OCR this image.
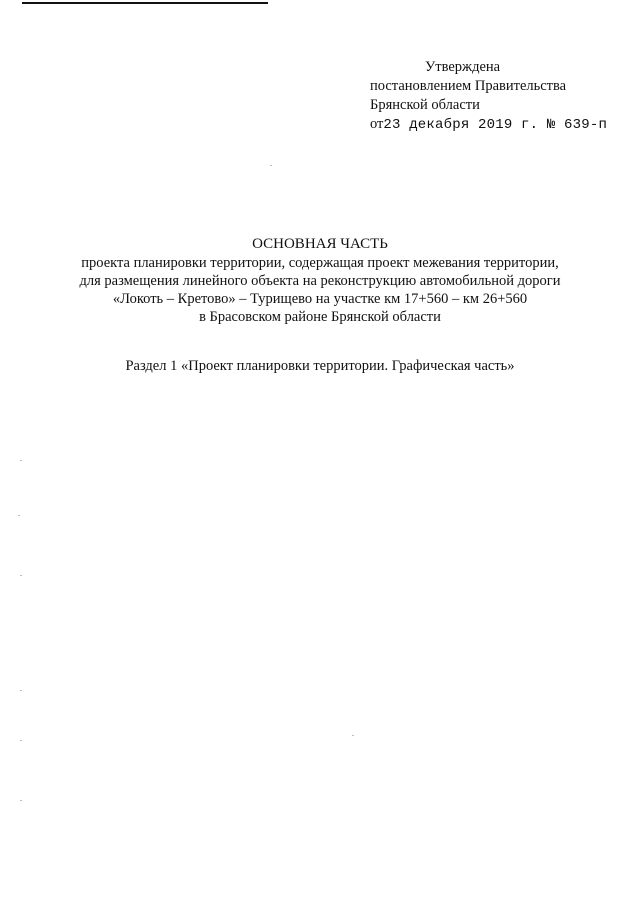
Утверждена
постановлением Правительства
Брянской области
от23 декабря 2019 г. № 639-п
ОСНОВНАЯ ЧАСТЬ
проекта планировки территории, содержащая проект межевания территории,
для размещения линейного объекта на реконструкцию автомобильной дороги
«Локоть – Кретово» – Турищево на участке км 17+560 – км 26+560
в Брасовском районе Брянской области
Раздел 1 «Проект планировки территории. Графическая часть»
